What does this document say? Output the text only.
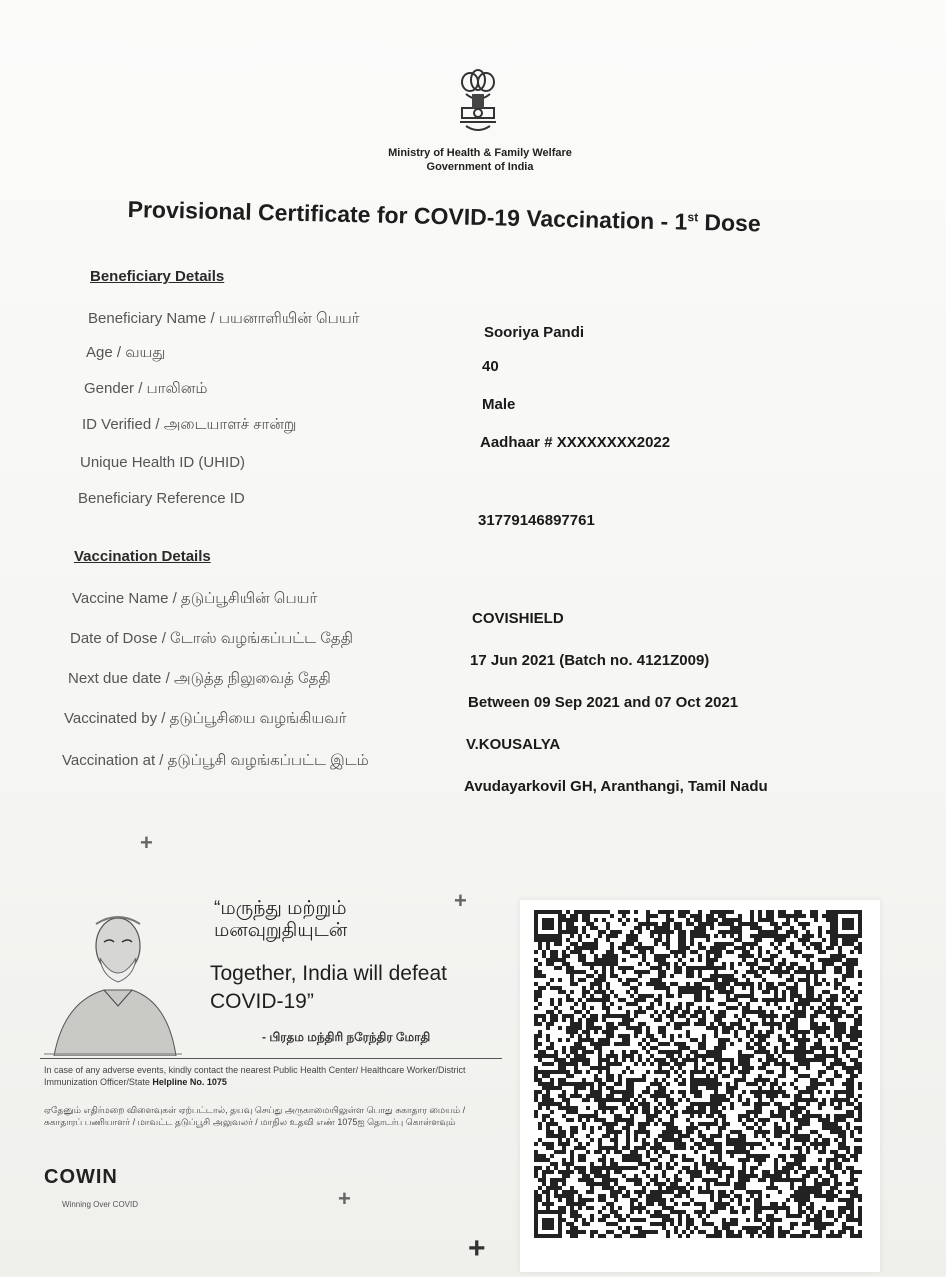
Ministry of Health & Family Welfare
Government of India
Provisional Certificate for COVID-19 Vaccination - 1st Dose
Beneficiary Details
Beneficiary Name / பயனாளியின் பெயர்
Sooriya Pandi
Age / வயது
40
Gender / பாலினம்
Male
ID Verified / அடையாளச் சான்று
Aadhaar # XXXXXXXX2022
Unique Health ID (UHID)
Beneficiary Reference ID
31779146897761
Vaccination Details
Vaccine Name / தடுப்பூசியின் பெயர்
COVISHIELD
Date of Dose / டோஸ் வழங்கப்பட்ட தேதி
17 Jun 2021 (Batch no. 4121Z009)
Next due date / அடுத்த நிலுவைத் தேதி
Between 09 Sep 2021 and 07 Oct 2021
Vaccinated by / தடுப்பூசியை வழங்கியவர்
V.KOUSALYA
Vaccination at / தடுப்பூசி வழங்கப்பட்ட இடம்
Avudayarkovil GH, Aranthangi, Tamil Nadu
+
+
+
+
“மருந்து மற்றும்
மனவுறுதியுடன்
Together, India will defeat COVID-19”
- பிரதம மந்திரி நரேந்திர மோதி
In case of any adverse events, kindly contact the nearest Public Health Center/ Healthcare Worker/District Immunization Officer/State Helpline No. 1075
ஏதேனும் எதிர்மறை விளைவுகள் ஏற்பட்டால், தயவு செய்து அருகாமையிலுள்ள பொது சுகாதார மையம் / சுகாதாரப் பணியாளர் / மாவட்ட தடுப்பூசி அலுவலர் / மாநில உதவி எண் 1075ஐ தொடர்பு கொள்ளவும்
COWIN
Winning Over COVID
